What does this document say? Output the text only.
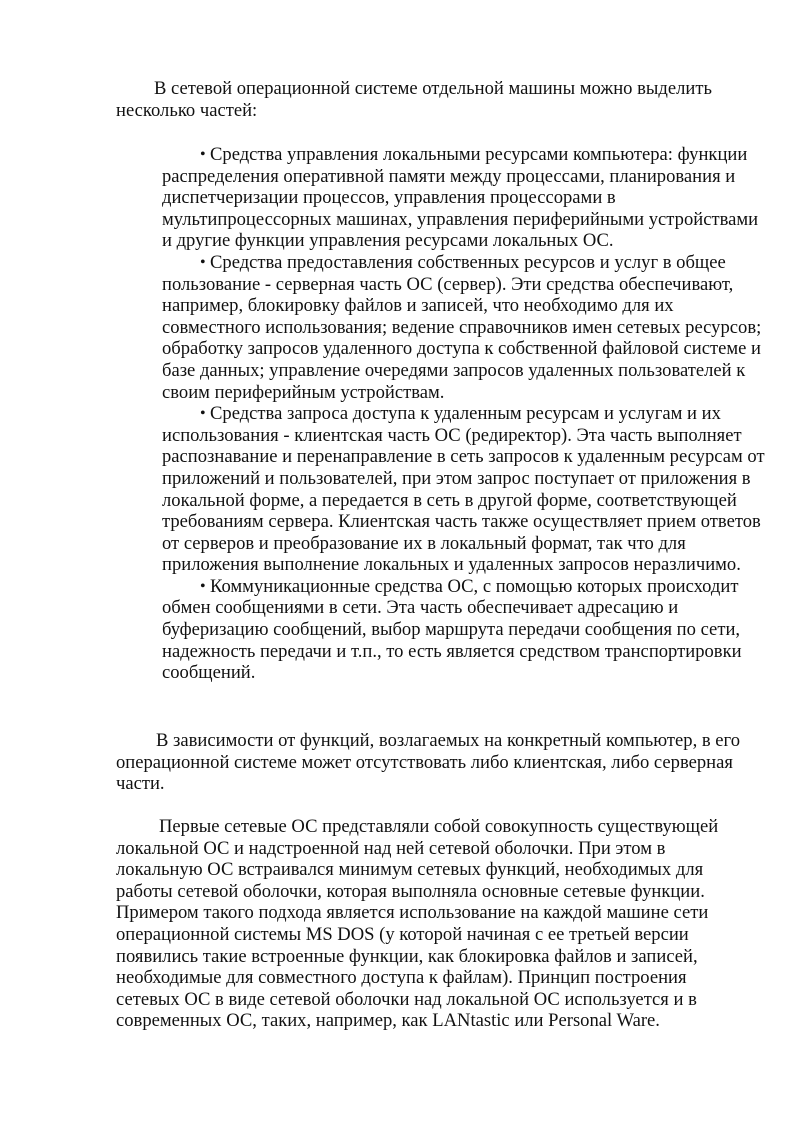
В сетевой операционной системе отдельной машины можно выделить несколько частей:

• Средства управления локальными ресурсами компьютера: функции распределения оперативной памяти между процессами, планирования и диспетчеризации процессов, управления процессорами в мультипроцессорных машинах, управления периферийными устройствами и другие функции управления ресурсами локальных ОС.
• Средства предоставления собственных ресурсов и услуг в общее пользование - серверная часть ОС (сервер). Эти средства обеспечивают, например, блокировку файлов и записей, что необходимо для их совместного использования; ведение справочников имен сетевых ресурсов; обработку запросов удаленного доступа к собственной файловой системе и базе данных; управление очередями запросов удаленных пользователей к своим периферийным устройствам.
• Средства запроса доступа к удаленным ресурсам и услугам и их использования - клиентская часть ОС (редиректор). Эта часть выполняет распознавание и перенаправление в сеть запросов к удаленным ресурсам от приложений и пользователей, при этом запрос поступает от приложения в локальной форме, а передается в сеть в другой форме, соответствующей требованиям сервера. Клиентская часть также осуществляет прием ответов от серверов и преобразование их в локальный формат, так что для приложения выполнение локальных и удаленных запросов неразличимо.
• Коммуникационные средства ОС, с помощью которых происходит обмен сообщениями в сети. Эта часть обеспечивает адресацию и буферизацию сообщений, выбор маршрута передачи сообщения по сети, надежность передачи и т.п., то есть является средством транспортировки сообщений.

В зависимости от функций, возлагаемых на конкретный компьютер, в его операционной системе может отсутствовать либо клиентская, либо серверная части.

Первые сетевые ОС представляли собой совокупность существующей локальной ОС и надстроенной над ней сетевой оболочки. При этом в локальную ОС встраивался минимум сетевых функций, необходимых для работы сетевой оболочки, которая выполняла основные сетевые функции. Примером такого подхода является использование на каждой машине сети операционной системы MS DOS (у которой начиная с ее третьей версии появились такие встроенные функции, как блокировка файлов и записей, необходимые для совместного доступа к файлам). Принцип построения сетевых ОС в виде сетевой оболочки над локальной ОС используется и в современных ОС, таких, например, как LANtastic или Personal Ware.
